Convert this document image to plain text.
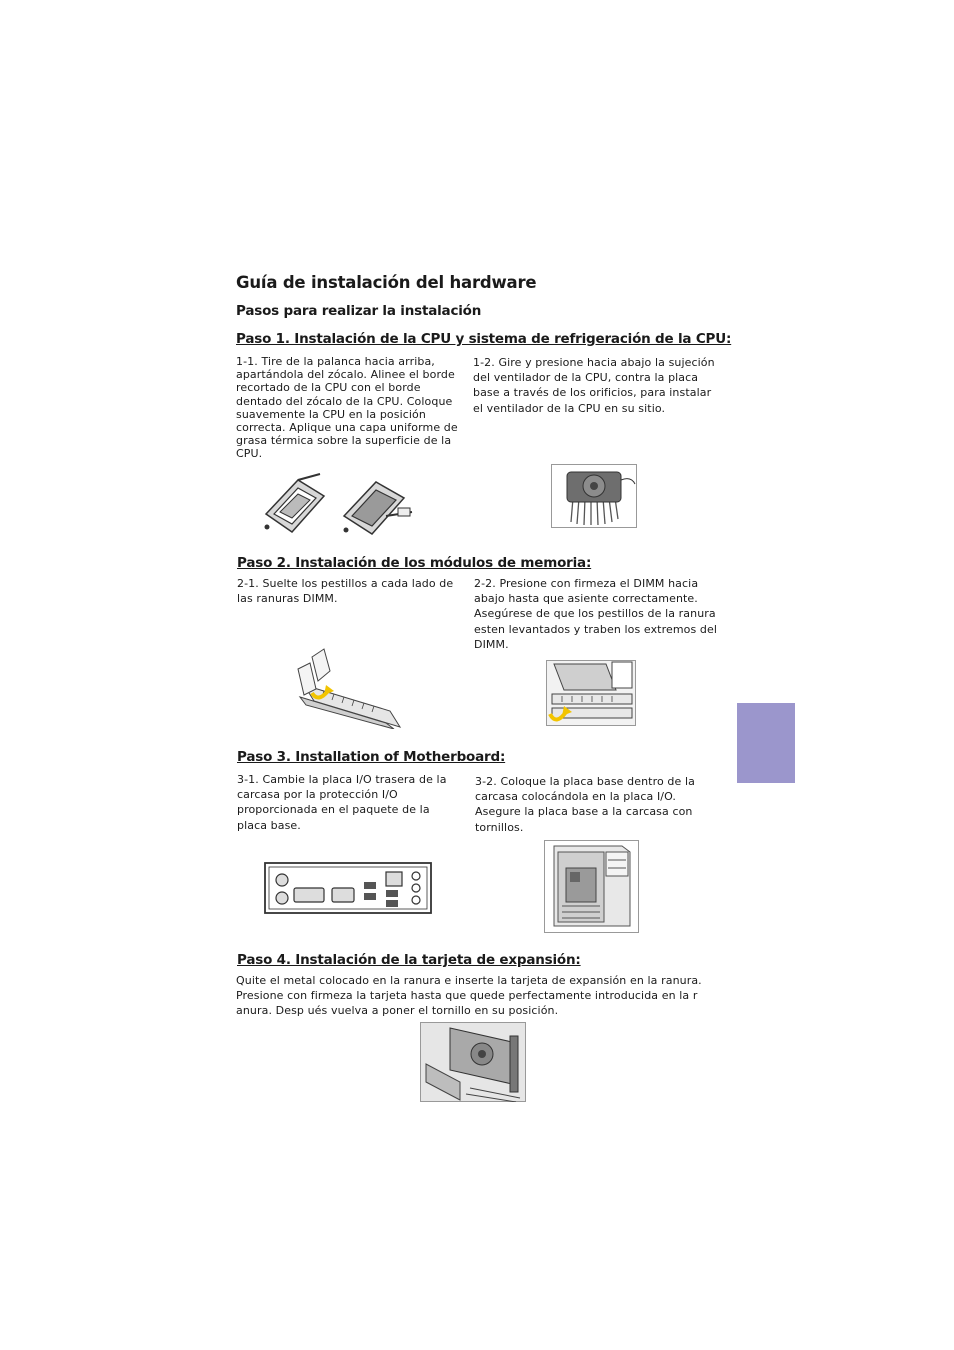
Guía de instalación del hardware
Pasos para realizar la instalación
Paso 1. Instalación de la CPU y sistema de refrigeración de la CPU:
1-1. Tire de la palanca hacia arriba, apartándola del zócalo. Alinee el borde recortado de la CPU con el borde dentado del zócalo de la CPU. Coloque suavemente la CPU en la posición correcta. Aplique una capa uniforme de grasa térmica sobre la superficie de la CPU.
1-2. Gire y presione hacia abajo la sujeción del ventilador de la CPU, contra la placa base a través de los orificios, para instalar el ventilador de la CPU en su sitio.
Paso 2. Instalación de los módulos de memoria:
2-1. Suelte los pestillos a cada lado de las ranuras DIMM.
2-2. Presione con firmeza el DIMM hacia abajo hasta que asiente correctamente. Asegúrese de que los pestillos de la ranura esten levantados y traben los extremos del DIMM.
Paso 3. Installation of Motherboard:
3-1. Cambie la placa I/O trasera de la carcasa por la protección I/O proporcionada en el paquete de la placa base.
3-2. Coloque la placa base dentro de la carcasa colocándola en la placa I/O. Asegure la placa base a la carcasa con tornillos.
Paso 4. Instalación de la tarjeta de expansión:
Quite el metal colocado en la ranura e inserte la tarjeta de expansión en la ranura. Presione con firmeza la tarjeta hasta que quede perfectamente introducida en la r anura. Desp ués vuelva a poner el tornillo en su posición.
